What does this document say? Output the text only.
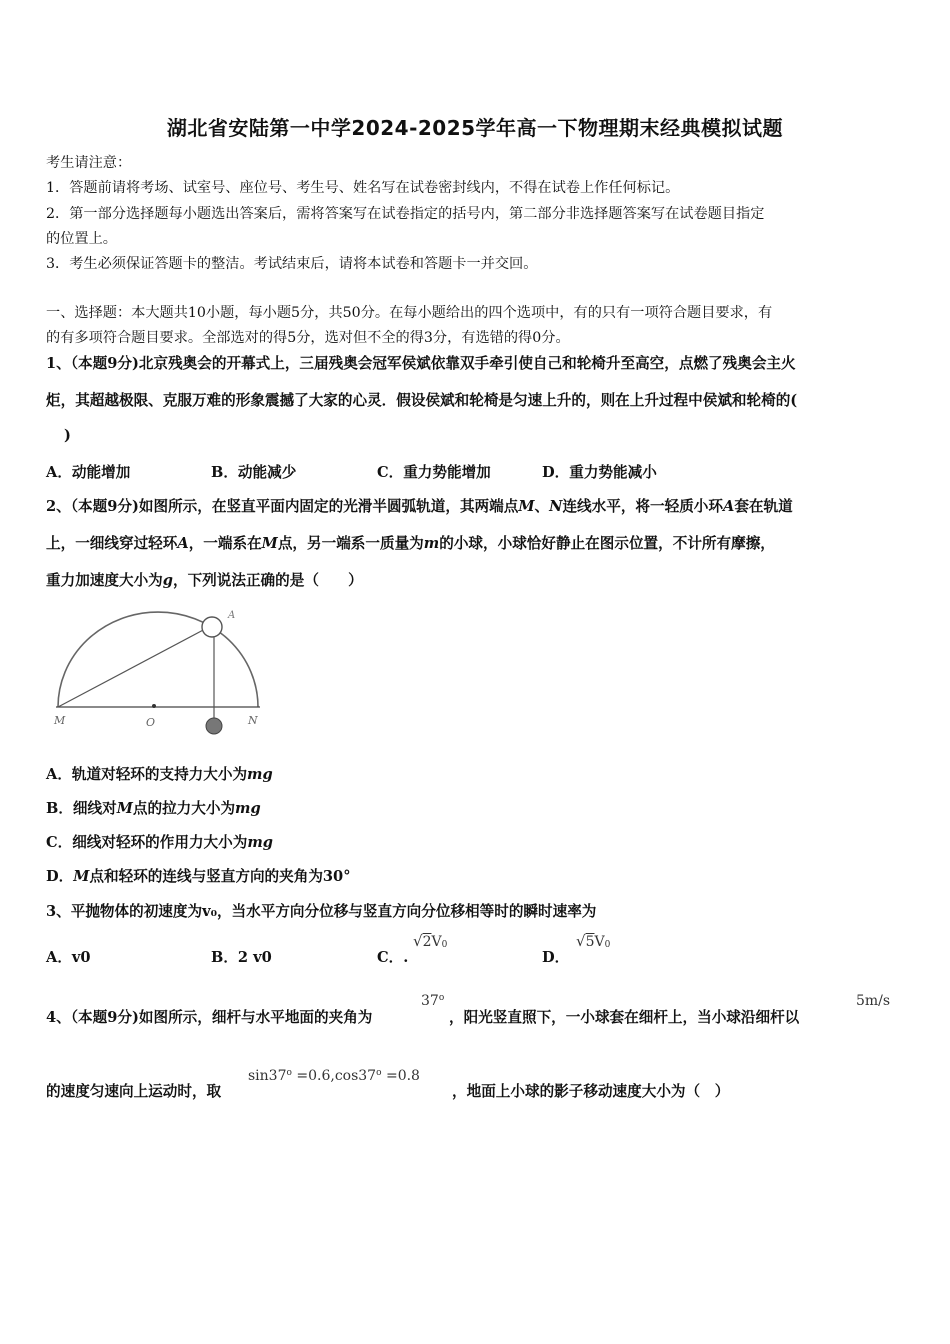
湖北省安陆第一中学2024-2025学年高一下物理期末经典模拟试题
考生请注意：
1．答题前请将考场、试室号、座位号、考生号、姓名写在试卷密封线内，不得在试卷上作任何标记。
2．第一部分选择题每小题选出答案后，需将答案写在试卷指定的括号内，第二部分非选择题答案写在试卷题目指定
的位置上。
3．考生必须保证答题卡的整洁。考试结束后，请将本试卷和答题卡一并交回。
一、选择题：本大题共10小题，每小题5分，共50分。在每小题给出的四个选项中，有的只有一项符合题目要求，有
的有多项符合题目要求。全部选对的得5分，选对但不全的得3分，有选错的得0分。
1、（本题9分)北京残奥会的开幕式上，三届残奥会冠军侯斌依靠双手牵引使自己和轮椅升至高空，点燃了残奥会主火
炬，其超越极限、克服万难的形象震撼了大家的心灵．假设侯斌和轮椅是匀速上升的，则在上升过程中侯斌和轮椅的(
)
A．动能增加	B．动能减少	C．重力势能增加	D．重力势能减小
2、（本题9分)如图所示，在竖直平面内固定的光滑半圆弧轨道，其两端点M、N连线水平，将一轻质小环A套在轨道
上，一细线穿过轻环A，一端系在M点，另一端系一质量为m的小球，小球恰好静止在图示位置，不计所有摩擦，
重力加速度大小为g，下列说法正确的是（　　）
M	O	N
A
A．轨道对轻环的支持力大小为mg
B．细线对M点的拉力大小为mg
C．细线对轻环的作用力大小为mg
D．M点和轻环的连线与竖直方向的夹角为30°
3、平抛物体的初速度为v₀，当水平方向分位移与竖直方向分位移相等时的瞬时速率为
A．v0	B．2 v0	C．.
√2V0
D．
√5V0
4、（本题9分)如图所示，细杆与水平地面的夹角为
37$^o$
，阳光竖直照下，一小球套在细杆上，当小球沿细杆以
5m/s
的速度匀速向上运动时，取
$\sin 37^o =0.6,\cos 37^o =0.8$
，地面上小球的影子移动速度大小为（　）
